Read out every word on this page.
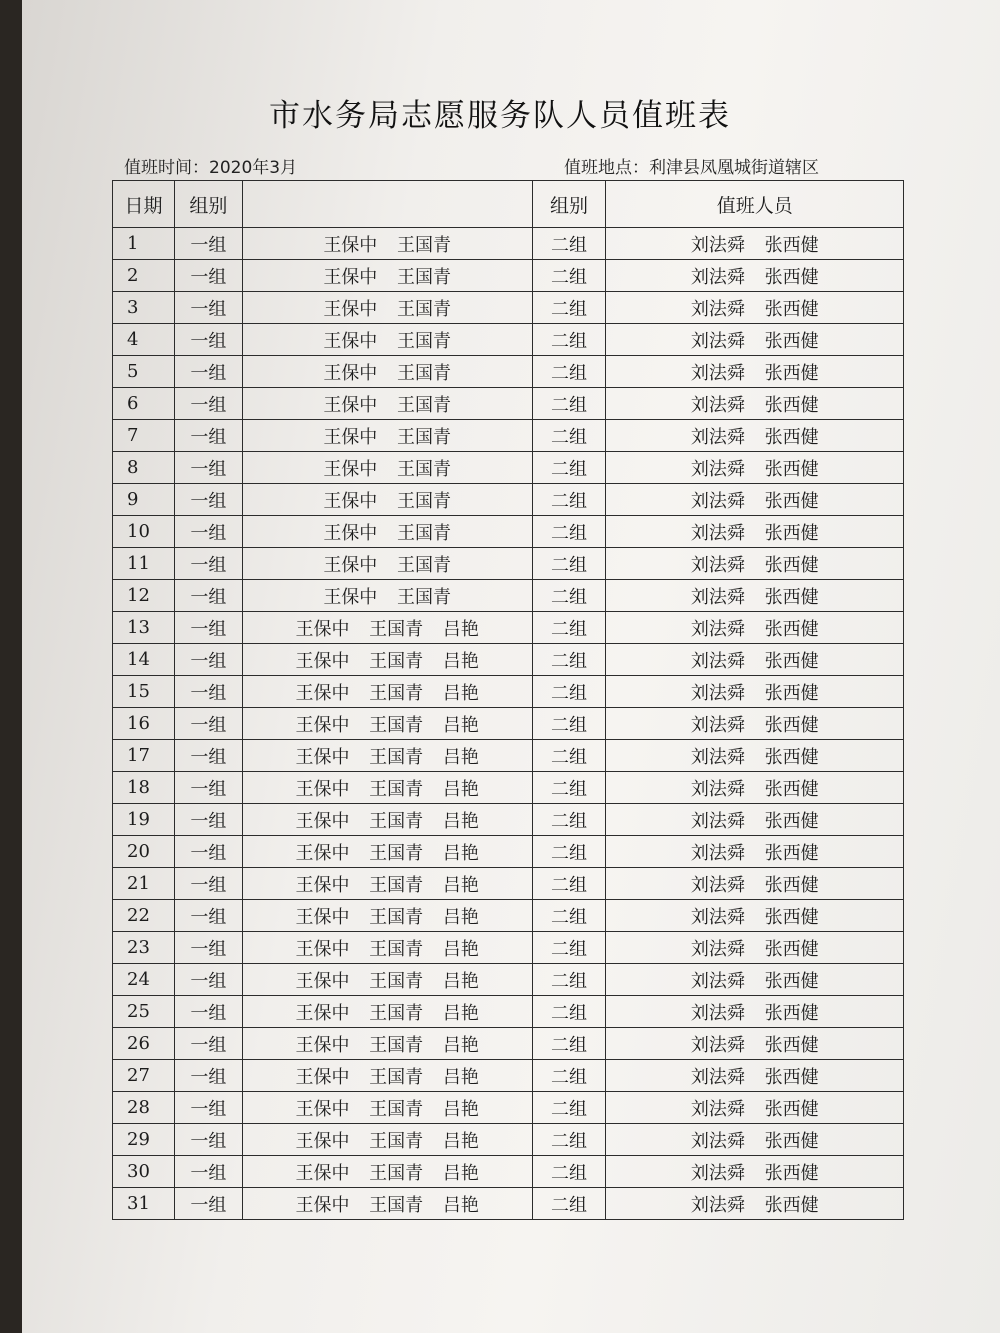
市水务局志愿服务队人员值班表
值班时间：2020年3月	值班地点：利津县凤凰城街道辖区
日期	组别		组别	值班人员
1	一组	王保中 王国青	二组	刘法舜 张西健
2	一组	王保中 王国青	二组	刘法舜 张西健
3	一组	王保中 王国青	二组	刘法舜 张西健
4	一组	王保中 王国青	二组	刘法舜 张西健
5	一组	王保中 王国青	二组	刘法舜 张西健
6	一组	王保中 王国青	二组	刘法舜 张西健
7	一组	王保中 王国青	二组	刘法舜 张西健
8	一组	王保中 王国青	二组	刘法舜 张西健
9	一组	王保中 王国青	二组	刘法舜 张西健
10	一组	王保中 王国青	二组	刘法舜 张西健
11	一组	王保中 王国青	二组	刘法舜 张西健
12	一组	王保中 王国青	二组	刘法舜 张西健
13	一组	王保中 王国青 吕艳	二组	刘法舜 张西健
14	一组	王保中 王国青 吕艳	二组	刘法舜 张西健
15	一组	王保中 王国青 吕艳	二组	刘法舜 张西健
16	一组	王保中 王国青 吕艳	二组	刘法舜 张西健
17	一组	王保中 王国青 吕艳	二组	刘法舜 张西健
18	一组	王保中 王国青 吕艳	二组	刘法舜 张西健
19	一组	王保中 王国青 吕艳	二组	刘法舜 张西健
20	一组	王保中 王国青 吕艳	二组	刘法舜 张西健
21	一组	王保中 王国青 吕艳	二组	刘法舜 张西健
22	一组	王保中 王国青 吕艳	二组	刘法舜 张西健
23	一组	王保中 王国青 吕艳	二组	刘法舜 张西健
24	一组	王保中 王国青 吕艳	二组	刘法舜 张西健
25	一组	王保中 王国青 吕艳	二组	刘法舜 张西健
26	一组	王保中 王国青 吕艳	二组	刘法舜 张西健
27	一组	王保中 王国青 吕艳	二组	刘法舜 张西健
28	一组	王保中 王国青 吕艳	二组	刘法舜 张西健
29	一组	王保中 王国青 吕艳	二组	刘法舜 张西健
30	一组	王保中 王国青 吕艳	二组	刘法舜 张西健
31	一组	王保中 王国青 吕艳	二组	刘法舜 张西健
